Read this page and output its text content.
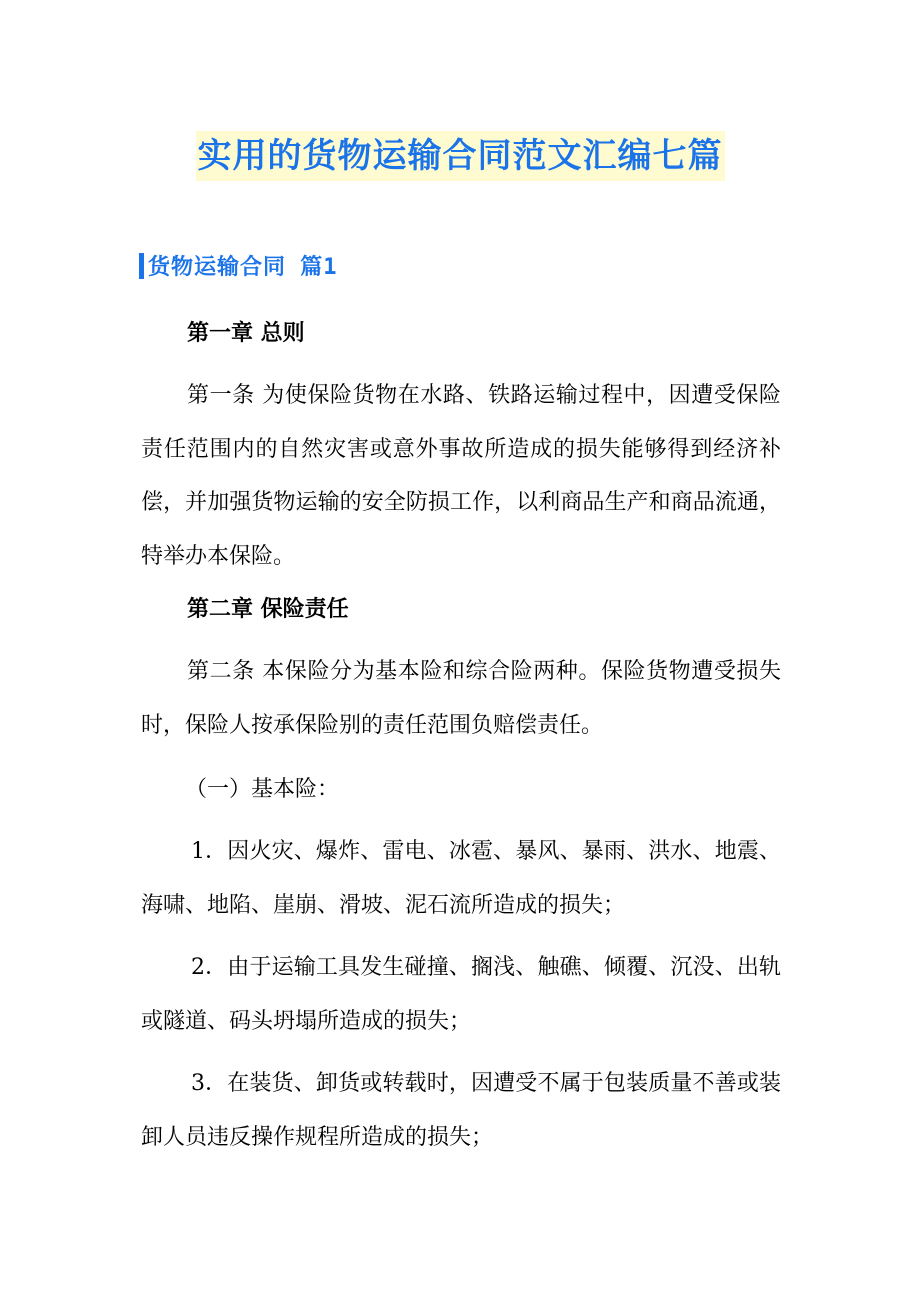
实用的货物运输合同范文汇编七篇
货物运输合同 篇1
第一章 总则
第一条 为使保险货物在水路、铁路运输过程中，因遭受保险责任范围内的自然灾害或意外事故所造成的损失能够得到经济补偿，并加强货物运输的安全防损工作，以利商品生产和商品流通，特举办本保险。
第二章 保险责任
第二条 本保险分为基本险和综合险两种。保险货物遭受损失时，保险人按承保险别的责任范围负赔偿责任。
（一）基本险：
1．因火灾、爆炸、雷电、冰雹、暴风、暴雨、洪水、地震、海啸、地陷、崖崩、滑坡、泥石流所造成的损失；
2．由于运输工具发生碰撞、搁浅、触礁、倾覆、沉没、出轨或隧道、码头坍塌所造成的损失；
3．在装货、卸货或转载时，因遭受不属于包装质量不善或装卸人员违反操作规程所造成的损失；
